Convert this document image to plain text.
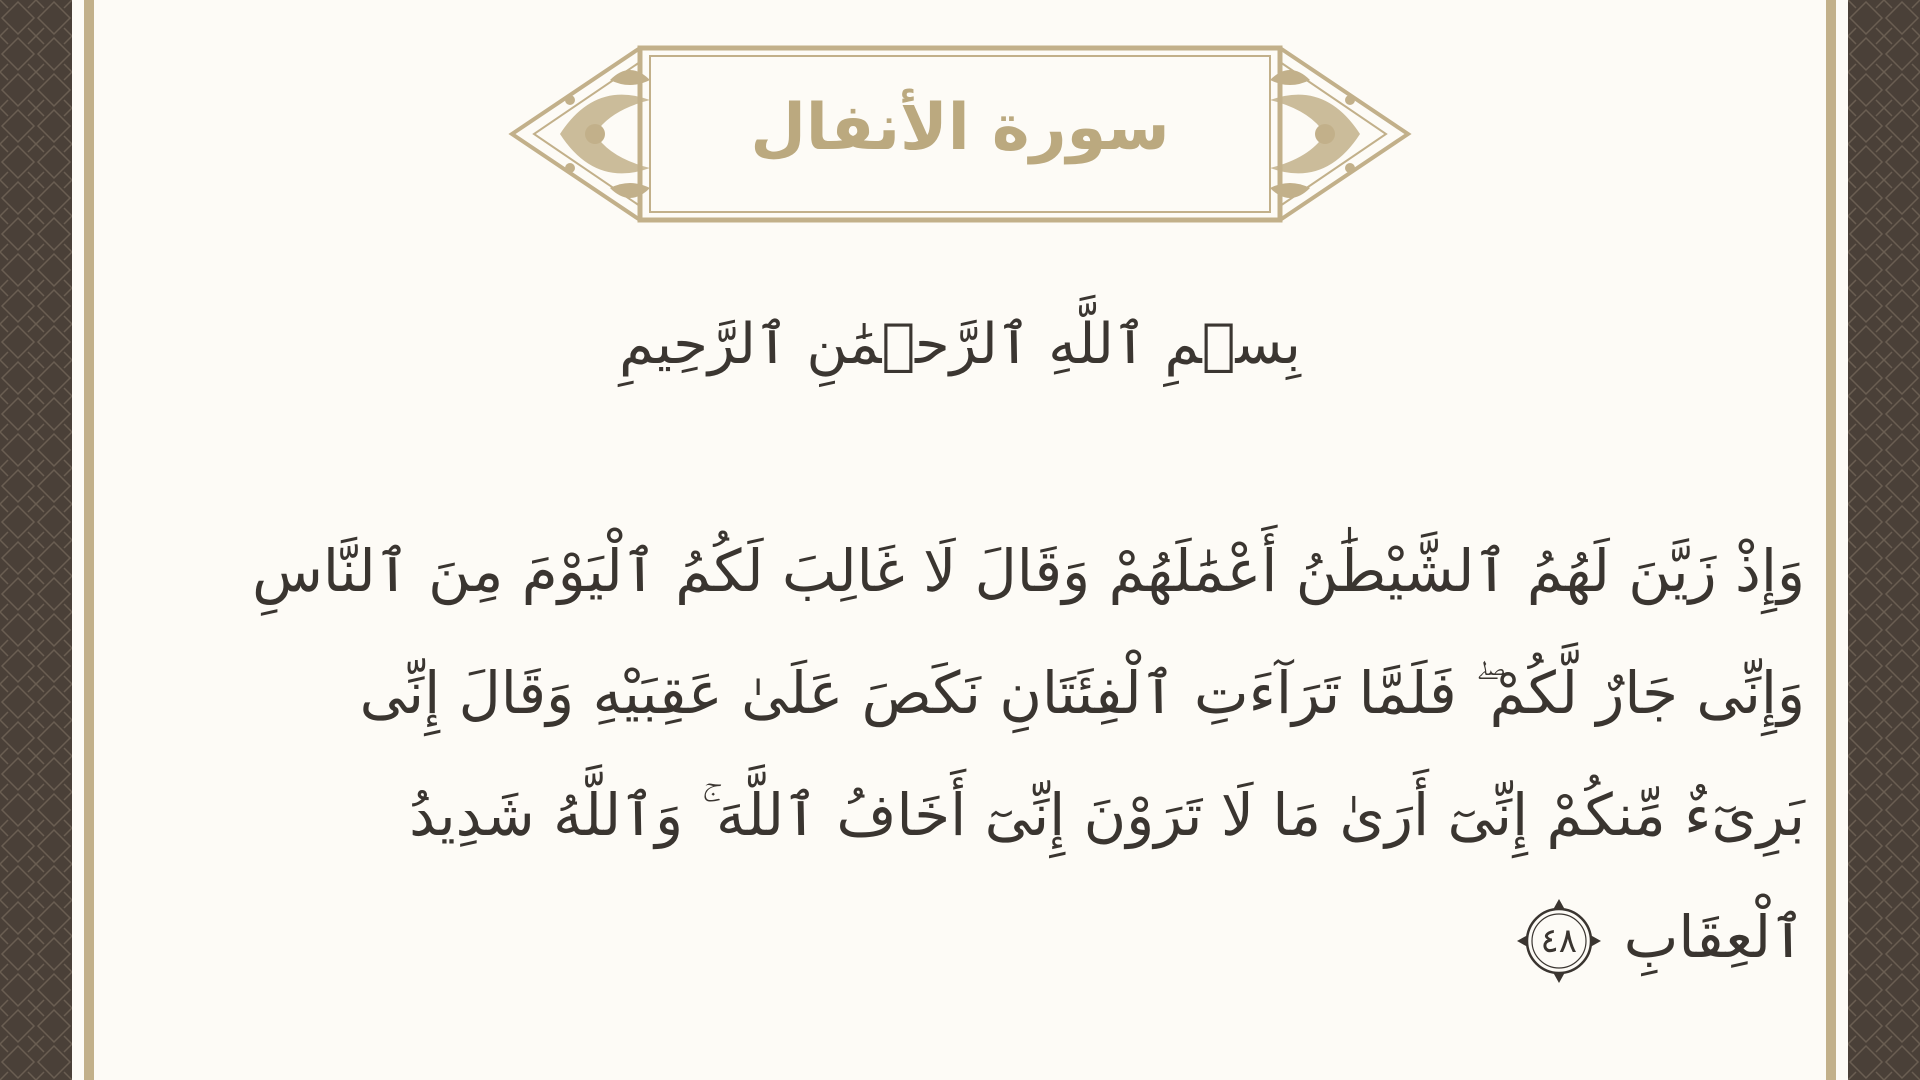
سورة الأنفال
بِسۡمِ ٱللَّهِ ٱلرَّحۡمَٰنِ ٱلرَّحِيمِ
وَإِذْ زَيَّنَ لَهُمُ ٱلشَّيْطَٰنُ أَعْمَٰلَهُمْ وَقَالَ لَا غَالِبَ لَكُمُ ٱلْيَوْمَ مِنَ ٱلنَّاسِ
وَإِنِّى جَارٌ لَّكُمْ ۖ فَلَمَّا تَرَآءَتِ ٱلْفِئَتَانِ نَكَصَ عَلَىٰ عَقِبَيْهِ وَقَالَ إِنِّى
بَرِىٓءٌ مِّنكُمْ إِنِّىٓ أَرَىٰ مَا لَا تَرَوْنَ إِنِّىٓ أَخَافُ ٱللَّهَ ۚ وَٱللَّهُ شَدِيدُ
ٱلْعِقَابِ
٤٨
